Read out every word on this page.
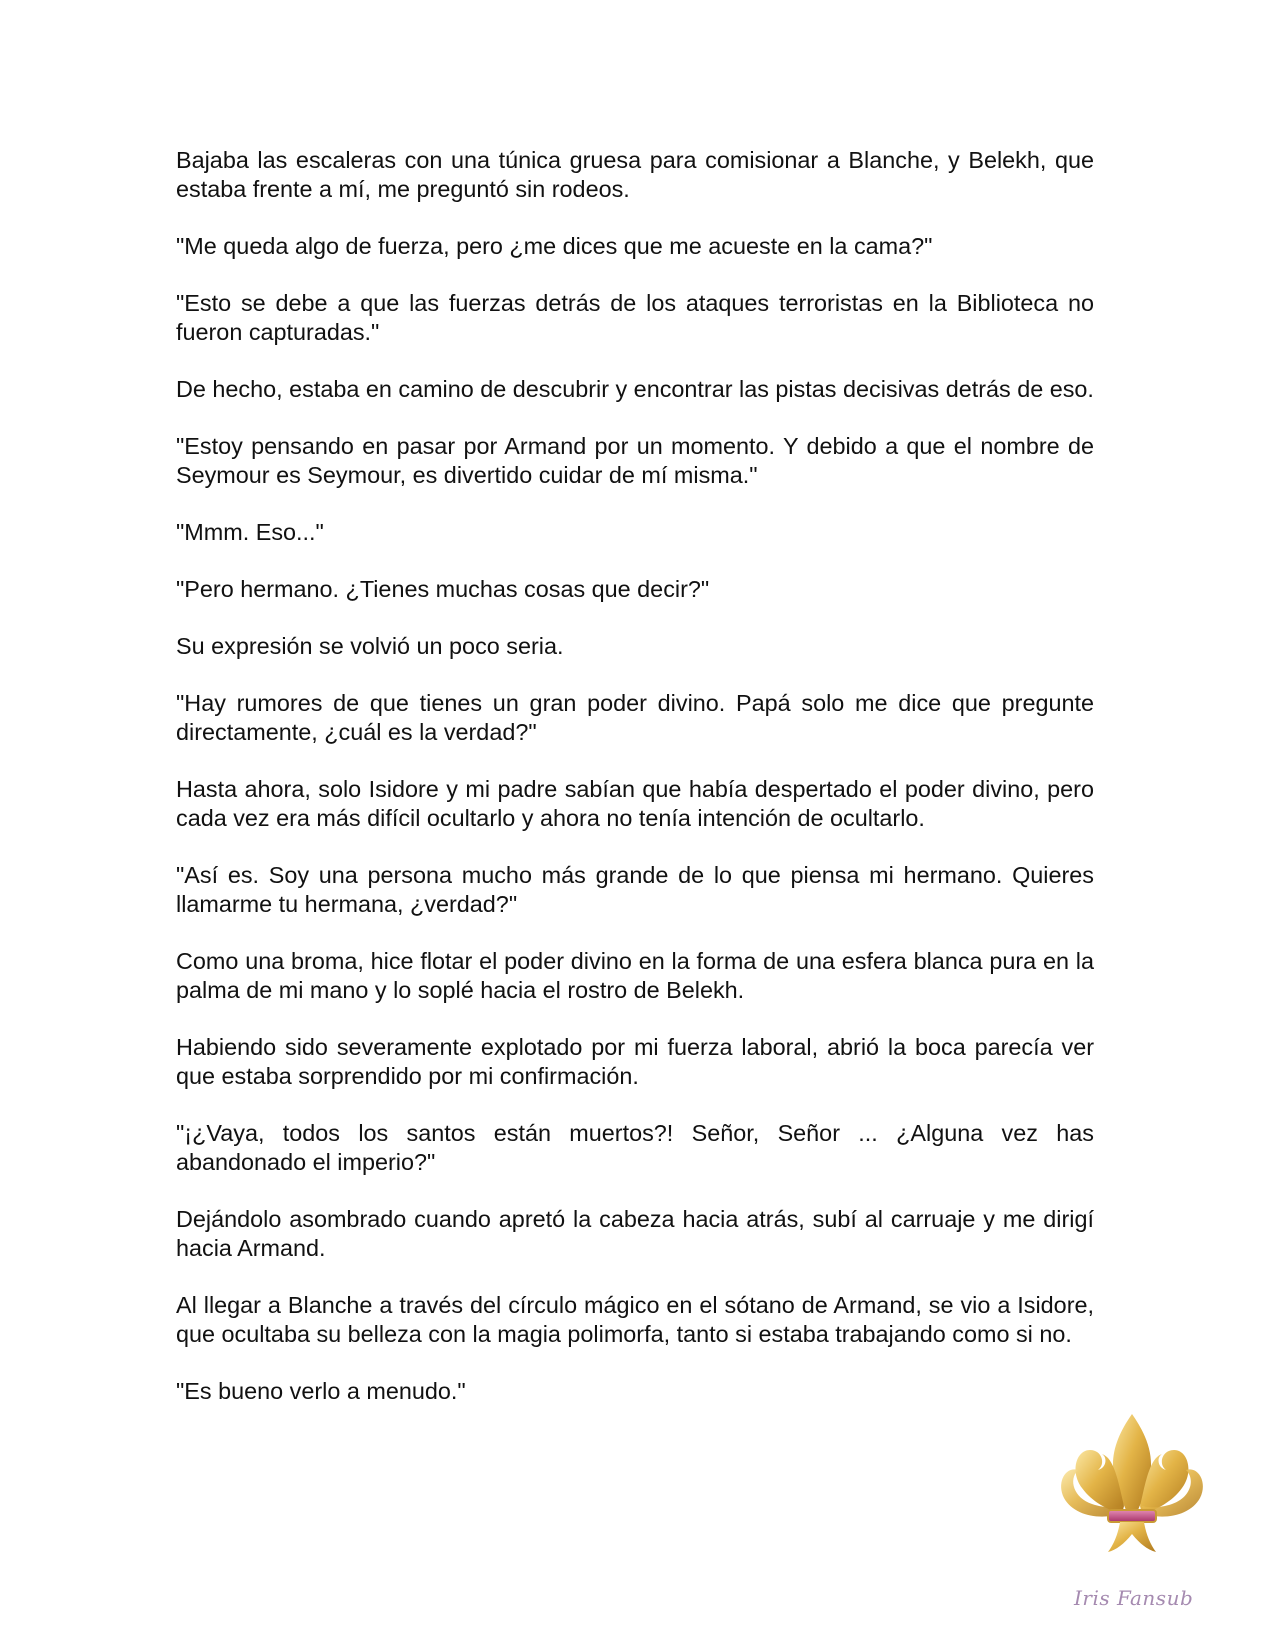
Bajaba las escaleras con una túnica gruesa para comisionar a Blanche, y Belekh, que estaba frente a mí, me preguntó sin rodeos.

"Me queda algo de fuerza, pero ¿me dices que me acueste en la cama?"

"Esto se debe a que las fuerzas detrás de los ataques terroristas en la Biblioteca no fueron capturadas."

De hecho, estaba en camino de descubrir y encontrar las pistas decisivas detrás de eso.

"Estoy pensando en pasar por Armand por un momento. Y debido a que el nombre de Seymour es Seymour, es divertido cuidar de mí misma."

"Mmm. Eso..."

"Pero hermano. ¿Tienes muchas cosas que decir?"

Su expresión se volvió un poco seria.

"Hay rumores de que tienes un gran poder divino. Papá solo me dice que pregunte directamente, ¿cuál es la verdad?"

Hasta ahora, solo Isidore y mi padre sabían que había despertado el poder divino, pero cada vez era más difícil ocultarlo y ahora no tenía intención de ocultarlo.

"Así es. Soy una persona mucho más grande de lo que piensa mi hermano. Quieres llamarme tu hermana, ¿verdad?"

Como una broma, hice flotar el poder divino en la forma de una esfera blanca pura en la palma de mi mano y lo soplé hacia el rostro de Belekh.

Habiendo sido severamente explotado por mi fuerza laboral, abrió la boca parecía ver que estaba sorprendido por mi confirmación.

"¡¿Vaya, todos los santos están muertos?! Señor, Señor ... ¿Alguna vez has abandonado el imperio?"

Dejándolo asombrado cuando apretó la cabeza hacia atrás, subí al carruaje y me dirigí hacia Armand.

Al llegar a Blanche a través del círculo mágico en el sótano de Armand, se vio a Isidore, que ocultaba su belleza con la magia polimorfa, tanto si estaba trabajando como si no.

"Es bueno verlo a menudo."

Iris Fansub
